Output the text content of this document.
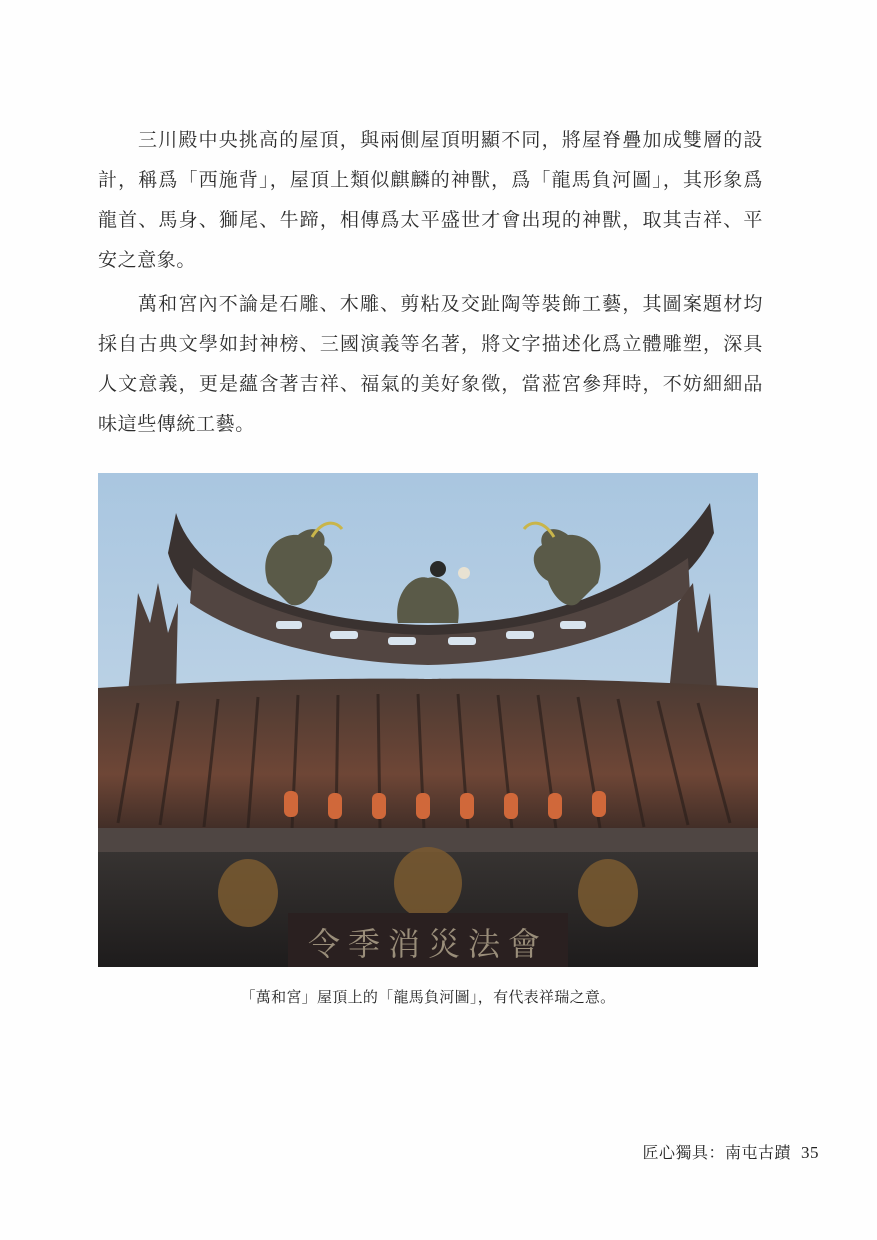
三川殿中央挑高的屋頂，與兩側屋頂明顯不同，將屋脊疊加成雙層的設計，稱爲「西施背」，屋頂上類似麒麟的神獸，爲「龍馬負河圖」，其形象爲龍首、馬身、獅尾、牛蹄，相傳爲太平盛世才會出現的神獸，取其吉祥、平安之意象。

萬和宮內不論是石雕、木雕、剪粘及交趾陶等裝飾工藝，其圖案題材均採自古典文學如封神榜、三國演義等名著，將文字描述化爲立體雕塑，深具人文意義，更是蘊含著吉祥、福氣的美好象徵，當蒞宮參拜時，不妨細細品味這些傳統工藝。

令季消災法會
「萬和宮」屋頂上的「龍馬負河圖」，有代表祥瑞之意。
匠心獨具：南屯古蹟 35
